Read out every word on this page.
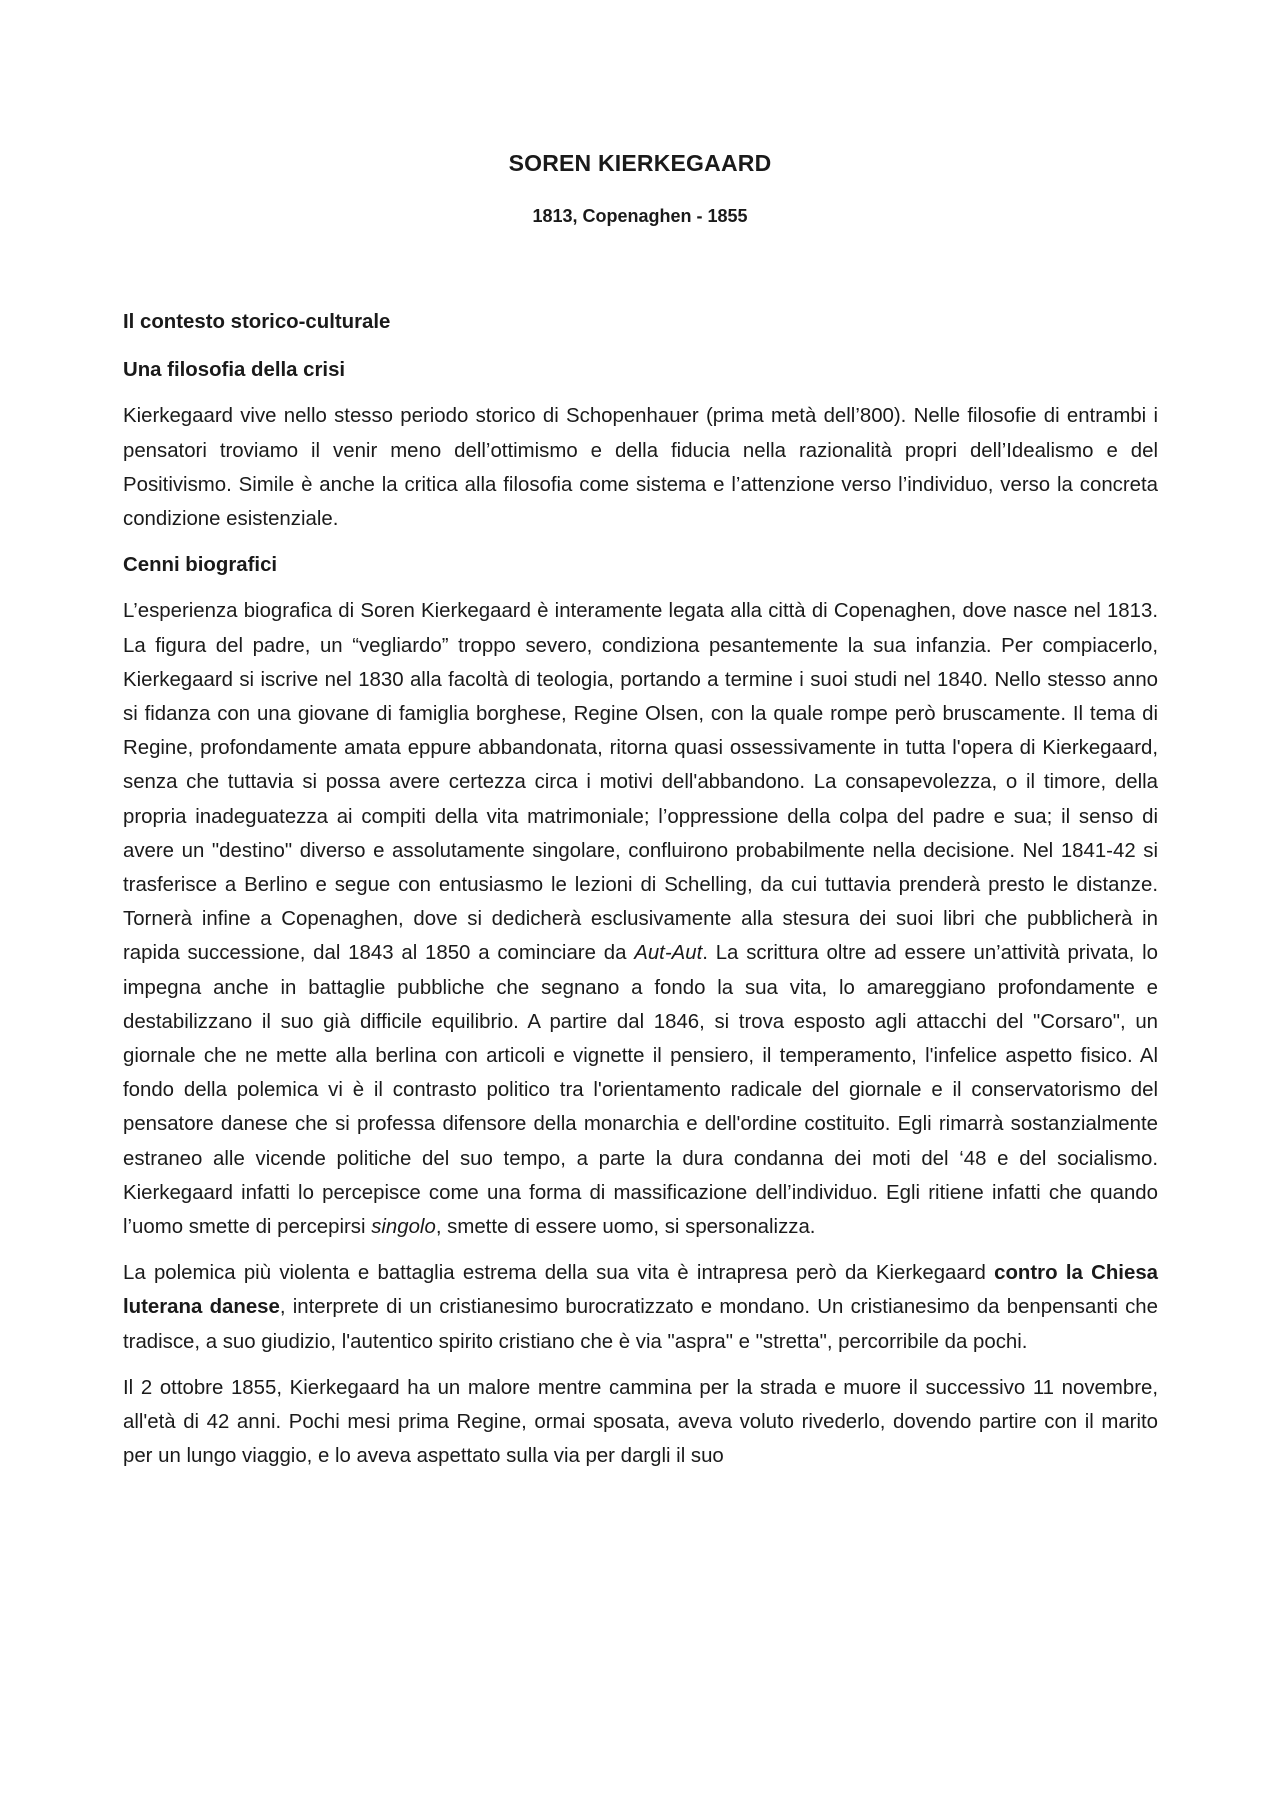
SOREN KIERKEGAARD
1813, Copenaghen - 1855

Il contesto storico-culturale

Una filosofia della crisi

Kierkegaard vive nello stesso periodo storico di Schopenhauer (prima metà dell’800). Nelle filosofie di entrambi i pensatori troviamo il venir meno dell’ottimismo e della fiducia nella razionalità propri dell’Idealismo e del Positivismo. Simile è anche la critica alla filosofia come sistema e l’attenzione verso l’individuo, verso la concreta condizione esistenziale.

Cenni biografici

L’esperienza biografica di Soren Kierkegaard è interamente legata alla città di Copenaghen, dove nasce nel 1813. La figura del padre, un “vegliardo” troppo severo, condiziona pesantemente la sua infanzia. Per compiacerlo, Kierkegaard si iscrive nel 1830 alla facoltà di teologia, portando a termine i suoi studi nel 1840. Nello stesso anno si fidanza con una giovane di famiglia borghese, Regine Olsen, con la quale rompe però bruscamente. Il tema di Regine, profondamente amata eppure abbandonata, ritorna quasi ossessivamente in tutta l'opera di Kierkegaard, senza che tuttavia si possa avere certezza circa i motivi dell'abbandono. La consapevolezza, o il timore, della propria inadeguatezza ai compiti della vita matrimoniale; l’oppressione della colpa del padre e sua; il senso di avere un "destino" diverso e assolutamente singolare, confluirono probabilmente nella decisione. Nel 1841-42 si trasferisce a Berlino e segue con entusiasmo le lezioni di Schelling, da cui tuttavia prenderà presto le distanze. Tornerà infine a Copenaghen, dove si dedicherà esclusivamente alla stesura dei suoi libri che pubblicherà in rapida successione, dal 1843 al 1850 a cominciare da Aut-Aut. La scrittura oltre ad essere un’attività privata, lo impegna anche in battaglie pubbliche che segnano a fondo la sua vita, lo amareggiano profondamente e destabilizzano il suo già difficile equilibrio. A partire dal 1846, si trova esposto agli attacchi del "Corsaro", un giornale che ne mette alla berlina con articoli e vignette il pensiero, il temperamento, l'infelice aspetto fisico. Al fondo della polemica vi è il contrasto politico tra l'orientamento radicale del giornale e il conservatorismo del pensatore danese che si professa difensore della monarchia e dell'ordine costituito. Egli rimarrà sostanzialmente estraneo alle vicende politiche del suo tempo, a parte la dura condanna dei moti del ‘48 e del socialismo. Kierkegaard infatti lo percepisce come una forma di massificazione dell’individuo. Egli ritiene infatti che quando l’uomo smette di percepirsi singolo, smette di essere uomo, si spersonalizza.

La polemica più violenta e battaglia estrema della sua vita è intrapresa però da Kierkegaard contro la Chiesa luterana danese, interprete di un cristianesimo burocratizzato e mondano. Un cristianesimo da benpensanti che tradisce, a suo giudizio, l'autentico spirito cristiano che è via "aspra" e "stretta", percorribile da pochi.

Il 2 ottobre 1855, Kierkegaard ha un malore mentre cammina per la strada e muore il successivo 11 novembre, all'età di 42 anni. Pochi mesi prima Regine, ormai sposata, aveva voluto rivederlo, dovendo partire con il marito per un lungo viaggio, e lo aveva aspettato sulla via per dargli il suo
